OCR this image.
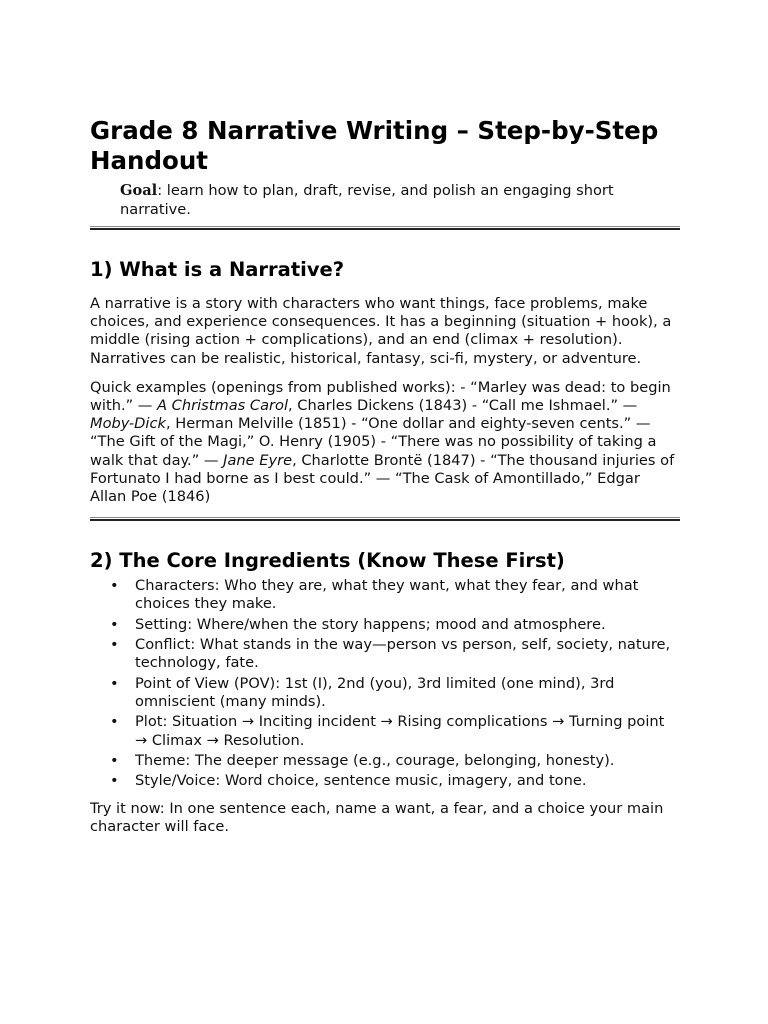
Grade 8 Narrative Writing – Step-by-Step Handout

Goal: learn how to plan, draft, revise, and polish an engaging short narrative.

1) What is a Narrative?

A narrative is a story with characters who want things, face problems, make choices, and experience consequences. It has a beginning (situation + hook), a middle (rising action + complications), and an end (climax + resolution). Narratives can be realistic, historical, fantasy, sci-fi, mystery, or adventure.

Quick examples (openings from published works): - “Marley was dead: to begin with.” — A Christmas Carol, Charles Dickens (1843) - “Call me Ishmael.” — Moby-Dick, Herman Melville (1851) - “One dollar and eighty-seven cents.” — “The Gift of the Magi,” O. Henry (1905) - “There was no possibility of taking a walk that day.” — Jane Eyre, Charlotte Brontë (1847) - “The thousand injuries of Fortunato I had borne as I best could.” — “The Cask of Amontillado,” Edgar Allan Poe (1846)

2) The Core Ingredients (Know These First)
• Characters: Who they are, what they want, what they fear, and what choices they make.
• Setting: Where/when the story happens; mood and atmosphere.
• Conflict: What stands in the way—person vs person, self, society, nature, technology, fate.
• Point of View (POV): 1st (I), 2nd (you), 3rd limited (one mind), 3rd omniscient (many minds).
• Plot: Situation → Inciting incident → Rising complications → Turning point → Climax → Resolution.
• Theme: The deeper message (e.g., courage, belonging, honesty).
• Style/Voice: Word choice, sentence music, imagery, and tone.

Try it now: In one sentence each, name a want, a fear, and a choice your main character will face.
